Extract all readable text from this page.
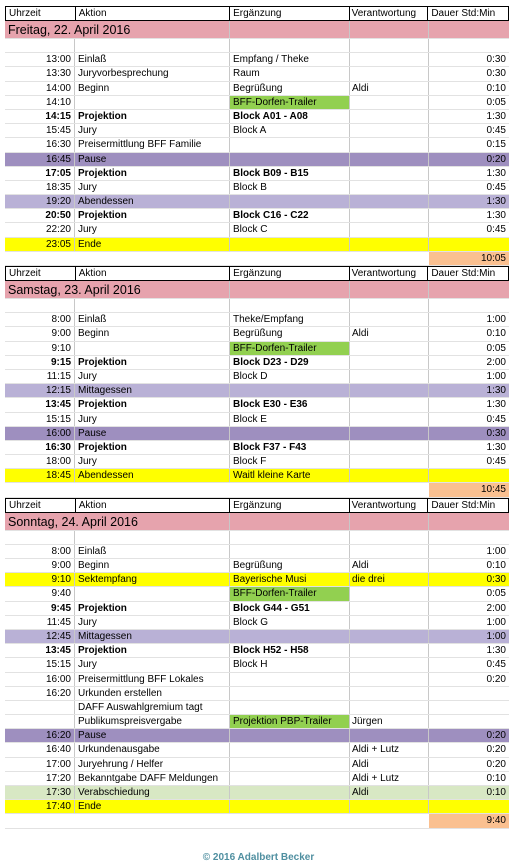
Uhrzeit	Aktion	Ergänzung	Verantwortung	Dauer Std:Min
Freitag, 22. April 2016
13:00 Einlaß	Empfang / Theke	0:30
13:30 Juryvorbesprechung	Raum	0:30
14:00 Beginn	Begrüßung	Aldi	0:10
14:10	BFF-Dorfen-Trailer	0:05
14:15 Projektion	Block A01 - A08	1:30
15:45 Jury	Block A	0:45
16:30 Preisermittlung BFF Familie	0:15
16:45 Pause	0:20
17:05 Projektion	Block B09 - B15	1:30
18:35 Jury	Block B	0:45
19:20 Abendessen	1:30
20:50 Projektion	Block C16 - C22	1:30
22:20 Jury	Block C	0:45
23:05 Ende
10:05
Uhrzeit	Aktion	Ergänzung	Verantwortung	Dauer Std:Min
Samstag, 23. April 2016
8:00 Einlaß	Theke/Empfang	1:00
9:00 Beginn	Begrüßung	Aldi	0:10
9:10	BFF-Dorfen-Trailer	0:05
9:15 Projektion	Block D23 - D29	2:00
11:15 Jury	Block D	1:00
12:15 Mittagessen	1:30
13:45 Projektion	Block E30 - E36	1:30
15:15 Jury	Block E	0:45
16:00 Pause	0:30
16:30 Projektion	Block F37 - F43	1:30
18:00 Jury	Block F	0:45
18:45 Abendessen	Waitl kleine Karte
10:45
Uhrzeit	Aktion	Ergänzung	Verantwortung	Dauer Std:Min
Sonntag, 24. April 2016
8:00 Einlaß	1:00
9:00 Beginn	Begrüßung	Aldi	0:10
9:10 Sektempfang	Bayerische Musi	die drei	0:30
9:40	BFF-Dorfen-Trailer	0:05
9:45 Projektion	Block G44 - G51	2:00
11:45 Jury	Block G	1:00
12:45 Mittagessen	1:00
13:45 Projektion	Block H52 - H58	1:30
15:15 Jury	Block H	0:45
16:00 Preisermittlung BFF Lokales	0:20
16:20 Urkunden erstellen
DAFF Auswahlgremium tagt
Publikumspreisvergabe	Projektion PBP-Trailer	Jürgen
16:20 Pause	0:20
16:40 Urkundenausgabe	Aldi + Lutz	0:20
17:00 Juryehrung / Helfer	Aldi	0:20
17:20 Bekanntgabe DAFF Meldungen	Aldi + Lutz	0:10
17:30 Verabschiedung	Aldi	0:10
17:40 Ende
9:40
© 2016 Adalbert Becker
